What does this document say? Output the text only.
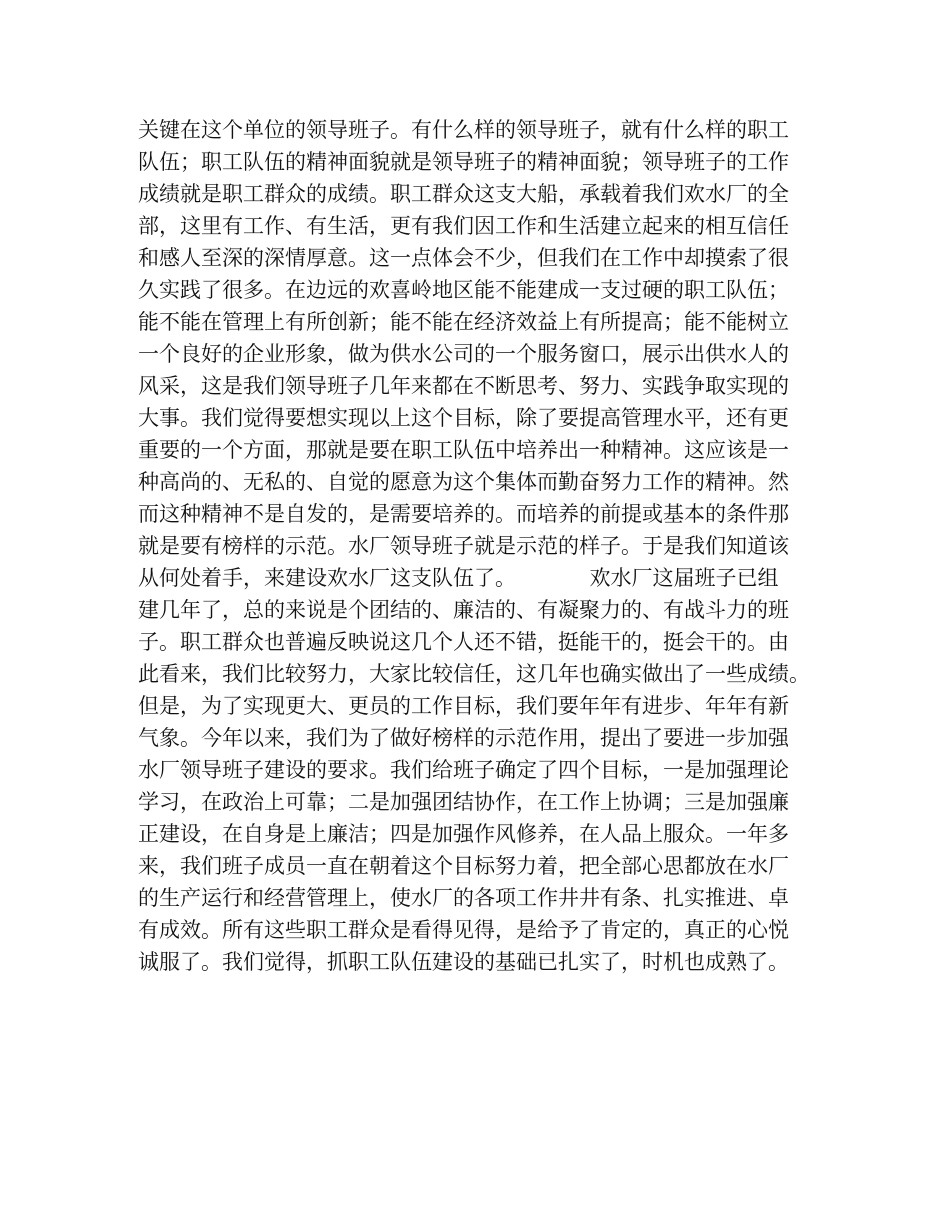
关键在这个单位的领导班子。有什么样的领导班子，就有什么样的职工
队伍；职工队伍的精神面貌就是领导班子的精神面貌；领导班子的工作
成绩就是职工群众的成绩。职工群众这支大船，承载着我们欢水厂的全
部，这里有工作、有生活，更有我们因工作和生活建立起来的相互信任
和感人至深的深情厚意。这一点体会不少，但我们在工作中却摸索了很
久实践了很多。在边远的欢喜岭地区能不能建成一支过硬的职工队伍；
能不能在管理上有所创新；能不能在经济效益上有所提高；能不能树立
一个良好的企业形象，做为供水公司的一个服务窗口，展示出供水人的
风采，这是我们领导班子几年来都在不断思考、努力、实践争取实现的
大事。我们觉得要想实现以上这个目标，除了要提高管理水平，还有更
重要的一个方面，那就是要在职工队伍中培养出一种精神。这应该是一
种高尚的、无私的、自觉的愿意为这个集体而勤奋努力工作的精神。然
而这种精神不是自发的，是需要培养的。而培养的前提或基本的条件那
就是要有榜样的示范。水厂领导班子就是示范的样子。于是我们知道该
从何处着手，来建设欢水厂这支队伍了。　　　　欢水厂这届班子已组
建几年了，总的来说是个团结的、廉洁的、有凝聚力的、有战斗力的班
子。职工群众也普遍反映说这几个人还不错，挺能干的，挺会干的。由
此看来，我们比较努力，大家比较信任，这几年也确实做出了一些成绩。
但是，为了实现更大、更员的工作目标，我们要年年有进步、年年有新
气象。今年以来，我们为了做好榜样的示范作用，提出了要进一步加强
水厂领导班子建设的要求。我们给班子确定了四个目标，一是加强理论
学习，在政治上可靠；二是加强团结协作，在工作上协调；三是加强廉
正建设，在自身是上廉洁；四是加强作风修养，在人品上服众。一年多
来，我们班子成员一直在朝着这个目标努力着，把全部心思都放在水厂
的生产运行和经营管理上，使水厂的各项工作井井有条、扎实推进、卓
有成效。所有这些职工群众是看得见得，是给予了肯定的，真正的心悦
诚服了。我们觉得，抓职工队伍建设的基础已扎实了，时机也成熟了。
